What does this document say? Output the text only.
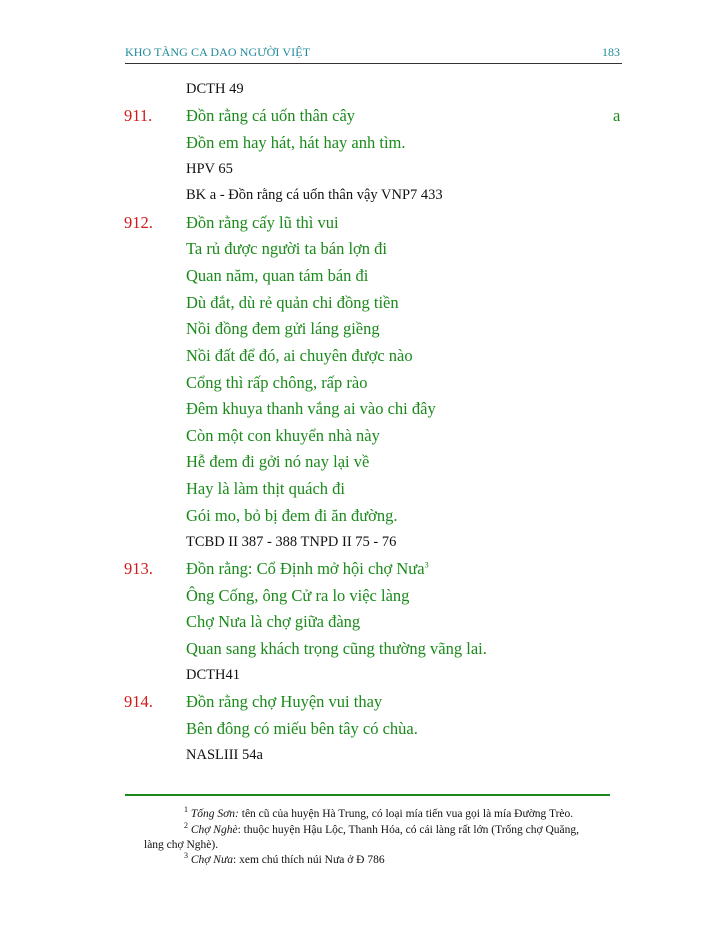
KHO TÀNG CA DAO NGƯỜI VIỆT	183
DCTH 49
911. Đồn rằng cá uốn thân cây	a
Đồn em hay hát, hát hay anh tìm.
HPV 65
BK a - Đồn rằng cá uốn thân vậy VNP7 433
912. Đồn rằng cấy lũ thì vui
Ta rủ được người ta bán lợn đi
Quan năm, quan tám bán đi
Dù đắt, dù rẻ quản chi đồng tiền
Nồi đồng đem gửi láng giềng
Nồi đất để đó, ai chuyên được nào
Cổng thì rấp chông, rấp rào
Đêm khuya thanh vắng ai vào chi đây
Còn một con khuyển nhà này
Hễ đem đi gởi nó nay lại về
Hay là làm thịt quách đi
Gói mo, bỏ bị đem đi ăn đường.
TCBD II 387 - 388 TNPD II 75 - 76
913. Đồn rằng: Cổ Định mở hội chợ Nưa$^3$
Ông Cống, ông Cử ra lo việc làng
Chợ Nưa là chợ giữa đàng
Quan sang khách trọng cũng thường vãng lai.
DCTH41
914. Đồn rằng chợ Huyện vui thay
Bên đông có miếu bên tây có chùa.
NASLIII 54a
$^1$ Tống Sơn: tên cũ của huyện Hà Trung, có loại mía tiến vua gọi là mía Đường Trèo.
$^2$ Chợ Nghè: thuộc huyện Hậu Lộc, Thanh Hóa, có cái làng rất lớn (Trống chợ Quăng,
làng chợ Nghè).
$^3$ Chợ Nưa: xem chú thích núi Nưa ở Đ 786
